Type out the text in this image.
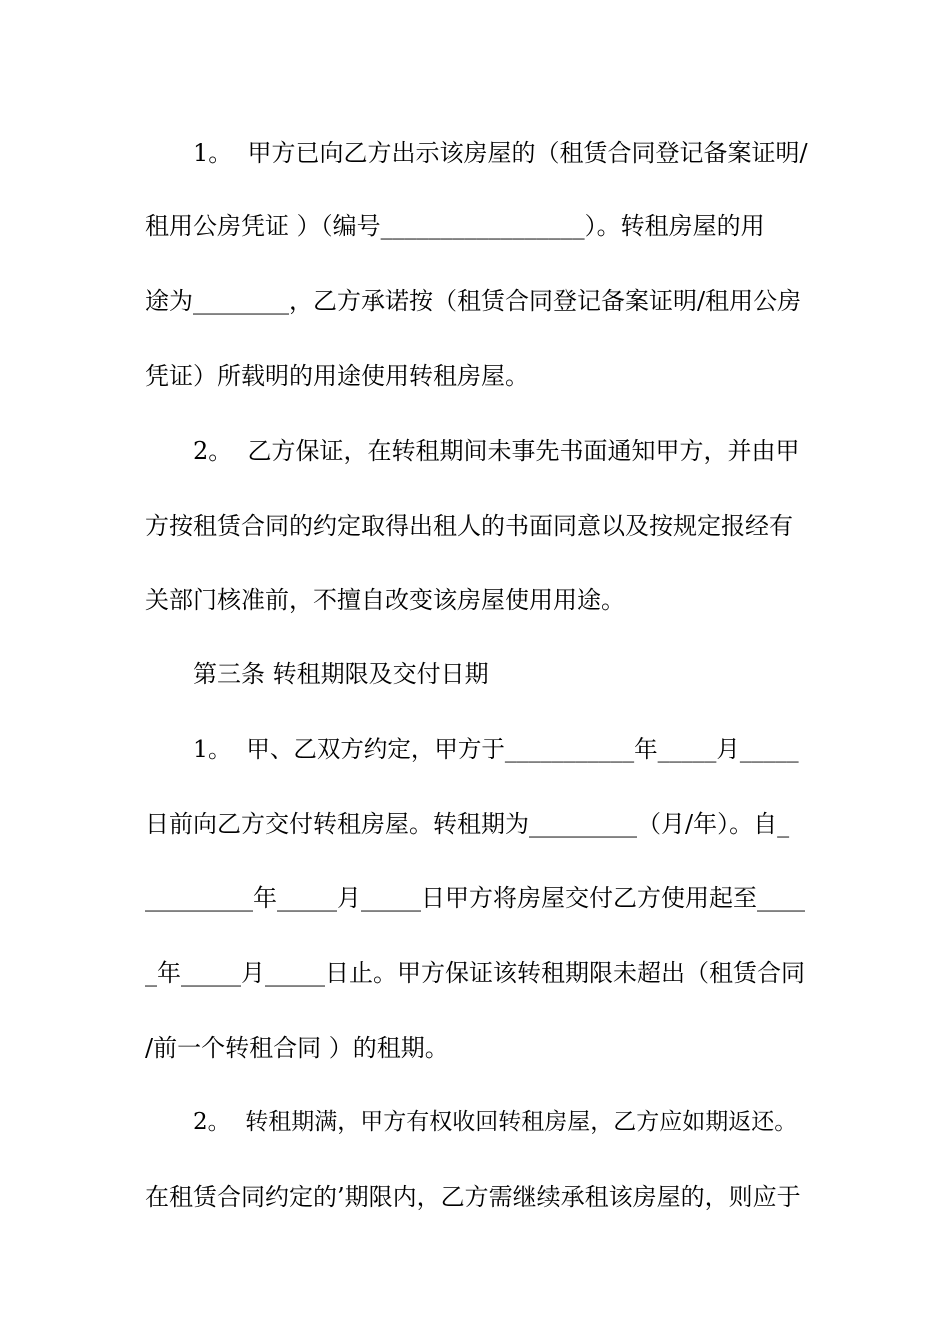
1。  甲方已向乙方出示该房屋的（租赁合同登记备案证明/
租用公房凭证 ）（编号_________________）。转租房屋的用
途为________，乙方承诺按（租赁合同登记备案证明/租用公房
凭证）所载明的用途使用转租房屋。
2。  乙方保证，在转租期间未事先书面通知甲方，并由甲
方按租赁合同的约定取得出租人的书面同意以及按规定报经有
关部门核准前，不擅自改变该房屋使用用途。
第三条 转租期限及交付日期
1。  甲、乙双方约定，甲方于___________年_____月_____
日前向乙方交付转租房屋。转租期为_________（月/年）。自_
_________年_____月_____日甲方将房屋交付乙方使用起至____
_年_____月_____日止。甲方保证该转租期限未超出（租赁合同
/前一个转租合同 ）的租期。
2。  转租期满，甲方有权收回转租房屋，乙方应如期返还。
在租赁合同约定的’期限内，乙方需继续承租该房屋的，则应于
